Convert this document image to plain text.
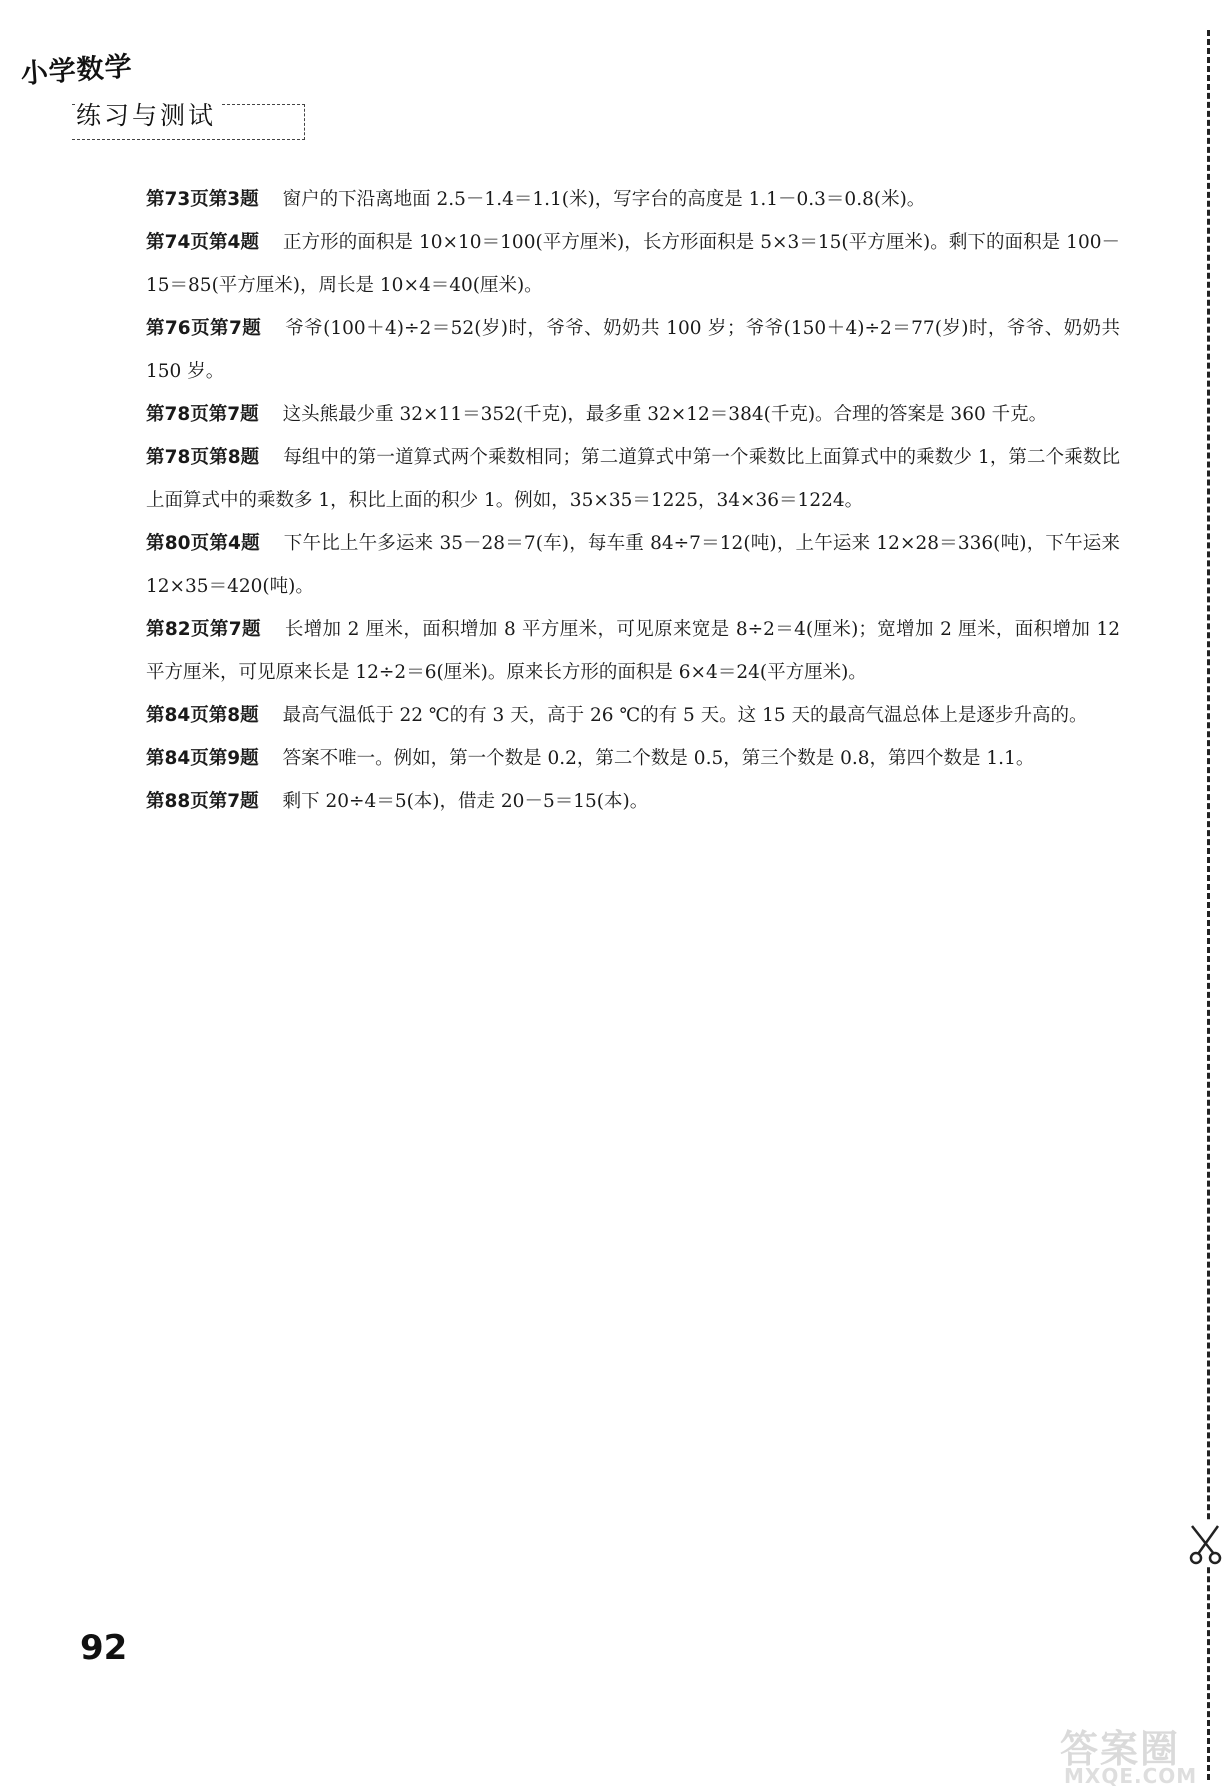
小学数学
练习与测试

第73页第3题 窗户的下沿离地面 2.5－1.4＝1.1(米)，写字台的高度是 1.1－0.3＝0.8(米)。

第74页第4题 正方形的面积是 10×10＝100(平方厘米)，长方形面积是 5×3＝15(平方厘米)。剩下的面积是 100－15＝85(平方厘米)，周长是 10×4＝40(厘米)。

第76页第7题 爷爷(100＋4)÷2＝52(岁)时，爷爷、奶奶共 100 岁；爷爷(150＋4)÷2＝77(岁)时，爷爷、奶奶共 150 岁。

第78页第7题 这头熊最少重 32×11＝352(千克)，最多重 32×12＝384(千克)。合理的答案是 360 千克。

第78页第8题 每组中的第一道算式两个乘数相同；第二道算式中第一个乘数比上面算式中的乘数少 1，第二个乘数比上面算式中的乘数多 1，积比上面的积少 1。例如，35×35＝1225，34×36＝1224。

第80页第4题 下午比上午多运来 35－28＝7(车)，每车重 84÷7＝12(吨)，上午运来 12×28＝336(吨)，下午运来 12×35＝420(吨)。

第82页第7题 长增加 2 厘米，面积增加 8 平方厘米，可见原来宽是 8÷2＝4(厘米)；宽增加 2 厘米，面积增加 12 平方厘米，可见原来长是 12÷2＝6(厘米)。原来长方形的面积是 6×4＝24(平方厘米)。

第84页第8题 最高气温低于 22 ℃的有 3 天，高于 26 ℃的有 5 天。这 15 天的最高气温总体上是逐步升高的。

第84页第9题 答案不唯一。例如，第一个数是 0.2，第二个数是 0.5，第三个数是 0.8，第四个数是 1.1。

第88页第7题 剩下 20÷4＝5(本)，借走 20－5＝15(本)。

92
答案圈
MXQE.COM
